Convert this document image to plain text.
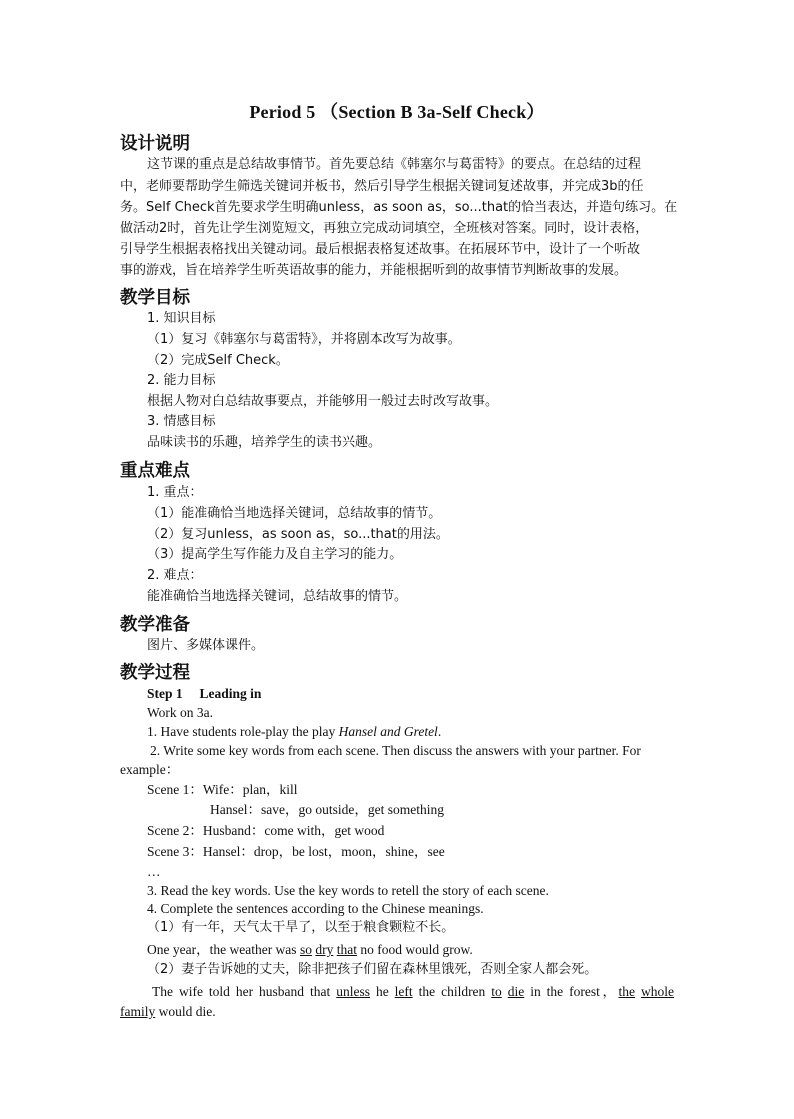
Period 5 （Section B 3a-Self Check）
设计说明
这节课的重点是总结故事情节。首先要总结《韩塞尔与葛雷特》的要点。在总结的过程
中，老师要帮助学生筛选关键词并板书，然后引导学生根据关键词复述故事，并完成3b的任
务。Self Check首先要求学生明确unless，as soon as，so...that的恰当表达，并造句练习。在
做活动2时，首先让学生浏览短文，再独立完成动词填空，全班核对答案。同时，设计表格，
引导学生根据表格找出关键动词。最后根据表格复述故事。在拓展环节中，设计了一个听故
事的游戏，旨在培养学生听英语故事的能力，并能根据听到的故事情节判断故事的发展。
教学目标
1. 知识目标
（1）复习《韩塞尔与葛雷特》，并将剧本改写为故事。
（2）完成Self Check。
2. 能力目标
根据人物对白总结故事要点，并能够用一般过去时改写故事。
3. 情感目标
品味读书的乐趣，培养学生的读书兴趣。
重点难点
1. 重点：
（1）能准确恰当地选择关键词，总结故事的情节。
（2）复习unless，as soon as，so...that的用法。
（3）提高学生写作能力及自主学习的能力。
2. 难点：
能准确恰当地选择关键词，总结故事的情节。
教学准备
图片、多媒体课件。
教学过程
Step 1　 Leading in
Work on 3a.
1. Have students role-play the play Hansel and Gretel.
2. Write some key words from each scene. Then discuss the answers with your partner. For
example：
Scene 1：Wife：plan，kill
Hansel：save，go outside，get something
Scene 2：Husband：come with，get wood
Scene 3：Hansel：drop，be lost，moon，shine，see
…
3. Read the key words. Use the key words to retell the story of each scene.
4. Complete the sentences according to the Chinese meanings.
（1）有一年，天气太干旱了，以至于粮食颗粒不长。
One year，the weather was so dry that no food would grow.
（2）妻子告诉她的丈夫，除非把孩子们留在森林里饿死，否则全家人都会死。
The wife told her husband that unless he left the children to die in the forest，the whole
family would die.
